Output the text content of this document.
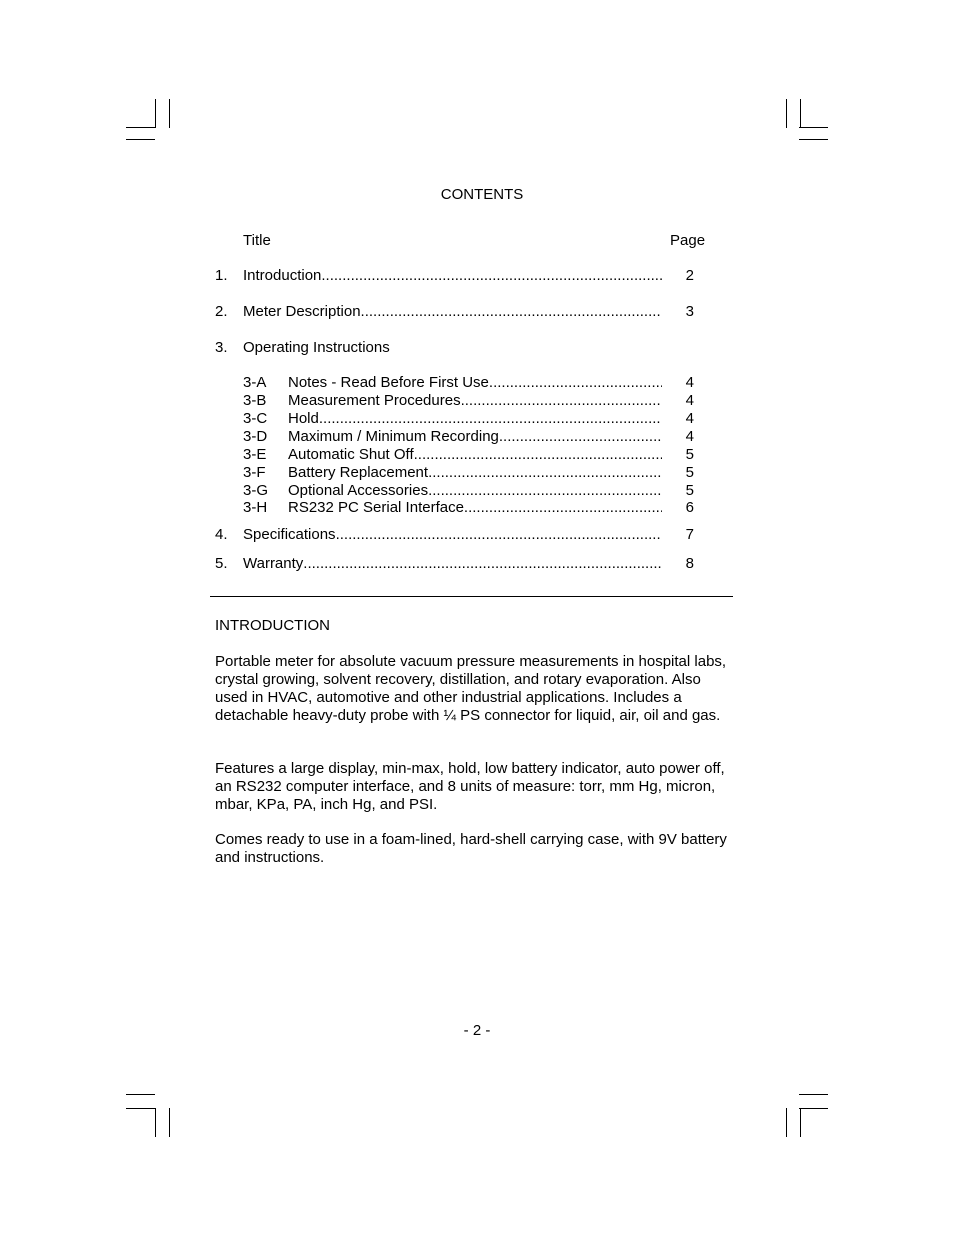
CONTENTS
Title	Page
1. Introduction .....	2
2. Meter Description .....	3
3. Operating Instructions
3-A Notes - Read Before First Use .....	4
3-B Measurement Procedures .....	4
3-C Hold .....	4
3-D Maximum / Minimum Recording .....	4
3-E Automatic Shut Off .....	5
3-F Battery Replacement .....	5
3-G Optional Accessories .....	5
3-H RS232 PC Serial Interface .....	6
4. Specifications .....	7
5. Warranty .....	8
INTRODUCTION
Portable meter for absolute vacuum pressure measurements in hospital labs, crystal growing, solvent recovery, distillation, and rotary evaporation. Also used in HVAC, automotive and other industrial applications. Includes a detachable heavy-duty probe with ¼ PS connector for liquid, air, oil and gas.
Features a large display, min-max, hold, low battery indicator, auto power off, an RS232 computer interface, and 8 units of measure: torr, mm Hg, micron, mbar, KPa, PA, inch Hg, and PSI.
Comes ready to use in a foam-lined, hard-shell carrying case, with 9V battery and instructions.
- 2 -
